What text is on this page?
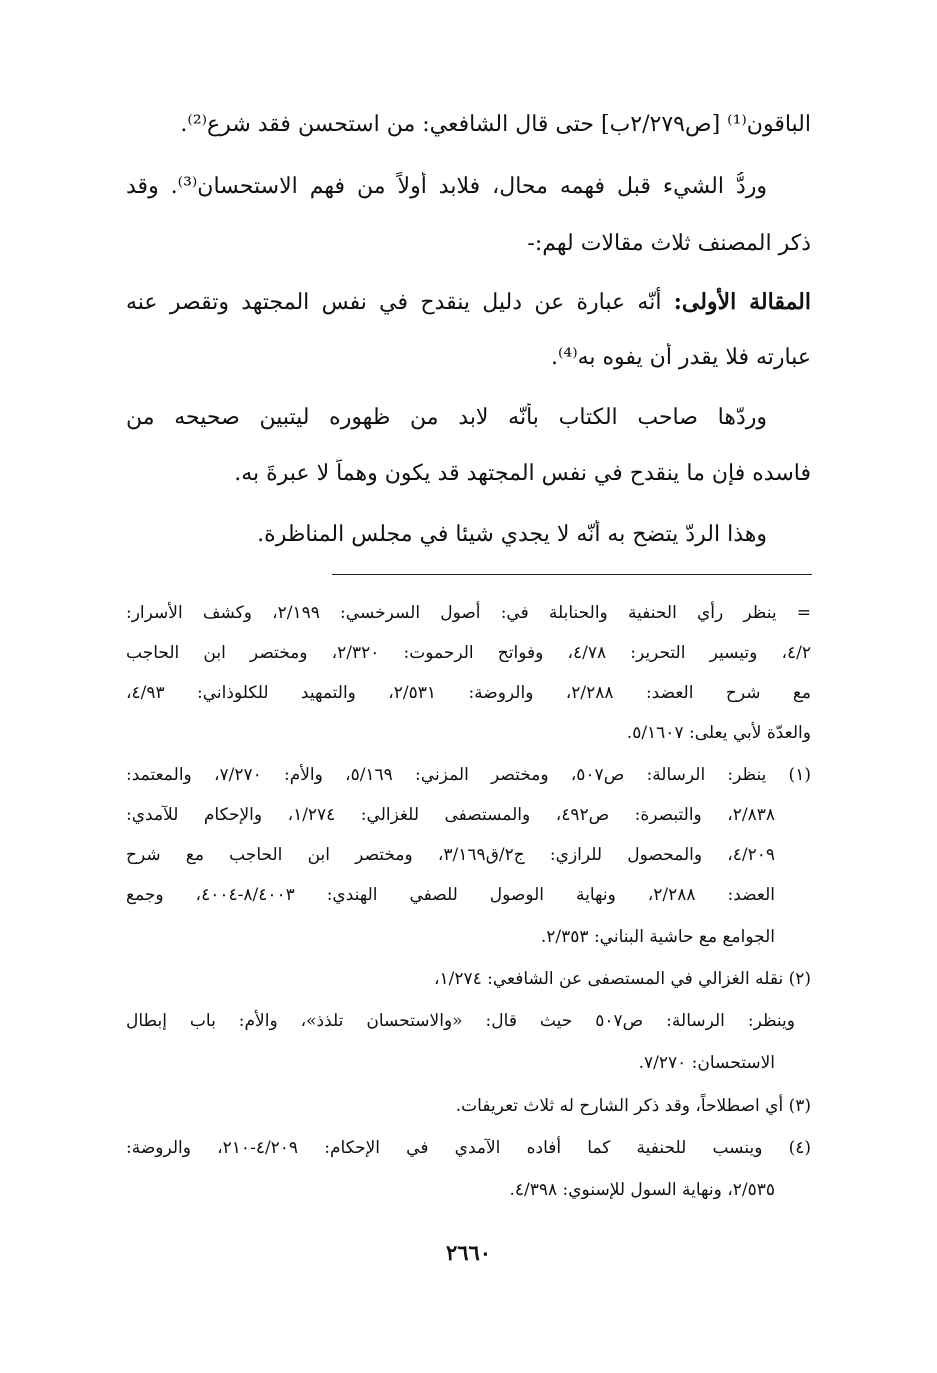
الباقون⁽¹⁾ [ص٢/٢٧٩ب] حتى قال الشافعي: من استحسن فقد شرع⁽²⁾.
وردُّ الشيء قبل فهمه محال، فلابد أولاً من فهم الاستحسان⁽³⁾. وقد
ذكر المصنف ثلاث مقالات لهم:-
المقالة الأولى: أنّه عبارة عن دليل ينقدح في نفس المجتهد وتقصر عنه
عبارته فلا يقدر أن يفوه به⁽⁴⁾.
وردّها صاحب الكتاب بأنّه لابد من ظهوره ليتبين صحيحه من
فاسده فإن ما ينقدح في نفس المجتهد قد يكون وهماً لا عبرةَ به.
وهذا الردّ يتضح به أنّه لا يجدي شيئا في مجلس المناظرة.
= ينظر رأي الحنفية والحنابلة في: أصول السرخسي: ٢/١٩٩، وكشف الأسرار:
٤/٢، وتيسير التحرير: ٤/٧٨، وفواتح الرحموت: ٢/٣٢٠، ومختصر ابن الحاجب
مع شرح العضد: ٢/٢٨٨، والروضة: ٢/٥٣١، والتمهيد للكلوذاني: ٤/٩٣،
والعدّة لأبي يعلى: ٥/١٦٠٧.
(١) ينظر: الرسالة: ص٥٠٧، ومختصر المزني: ٥/١٦٩، والأم: ٧/٢٧٠، والمعتمد:
٢/٨٣٨، والتبصرة: ص٤٩٢، والمستصفى للغزالي: ١/٢٧٤، والإحكام للآمدي:
٤/٢٠٩، والمحصول للرازي: ج٢/ق٣/١٦٩، ومختصر ابن الحاجب مع شرح
العضد: ٢/٢٨٨، ونهاية الوصول للصفي الهندي: ٨/٤٠٠٣-٤٠٠٤، وجمع
الجوامع مع حاشية البناني: ٢/٣٥٣.
(٢) نقله الغزالي في المستصفى عن الشافعي: ١/٢٧٤،
وينظر: الرسالة: ص٥٠٧ حيث قال: «والاستحسان تلذذ»، والأم: باب إبطال
الاستحسان: ٧/٢٧٠.
(٣) أي اصطلاحاً، وقد ذكر الشارح له ثلاث تعريفات.
(٤) وينسب للحنفية كما أفاده الآمدي في الإحكام: ٤/٢٠٩-٢١٠، والروضة:
٢/٥٣٥، ونهاية السول للإسنوي: ٤/٣٩٨.
٢٦٦٠
